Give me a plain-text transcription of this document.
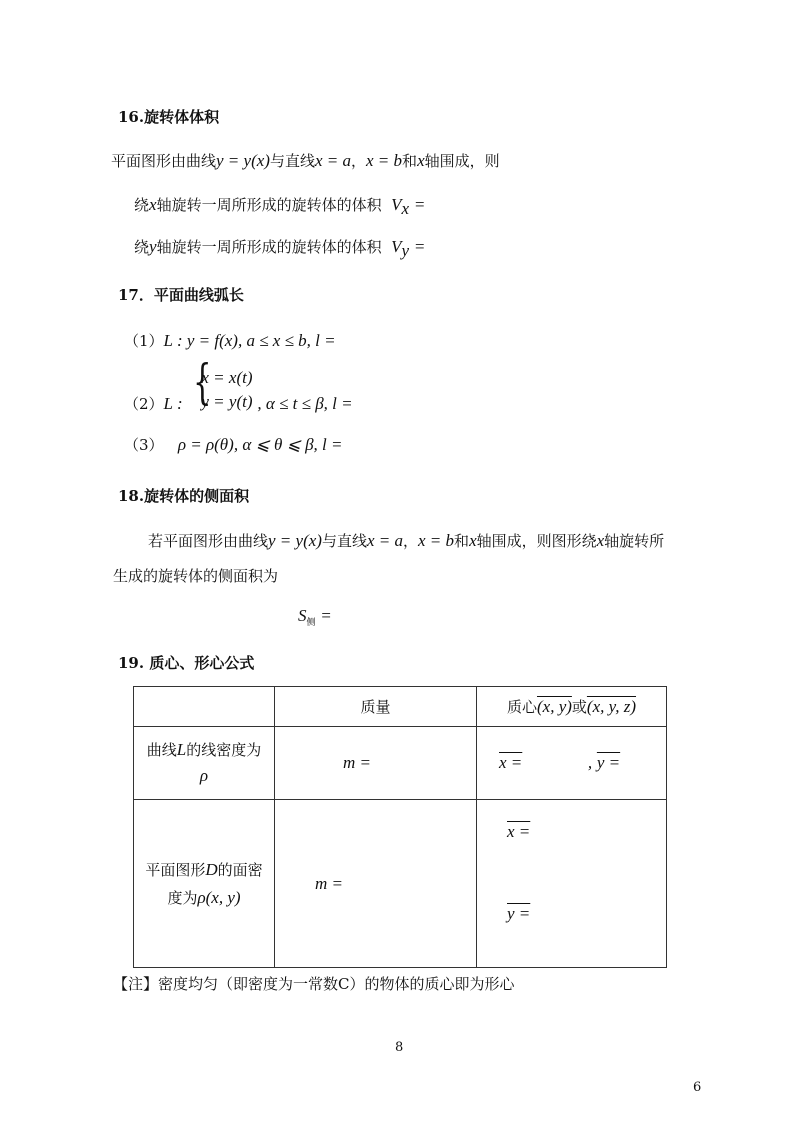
16.旋转体体积
平面图形由曲线y = y(x)与直线x = a，x = b和x轴围成，则
绕x轴旋转一周所形成的旋转体的体积 $V_x$ =
绕y轴旋转一周所形成的旋转体的体积 $V_y$ =
17．平面曲线弧长
（1）L : y = f(x), a ≤ x ≤ b, l =
（2）L : {
x = x(t)
y = y(t) , α ≤ t ≤ β, l =
（3） ρ = ρ(θ), α ⩽ θ ⩽ β, l =
18.旋转体的侧面积
若平面图形由曲线y = y(x)与直线x = a，x = b和x轴围成，则图形绕x轴旋转所
生成的旋转体的侧面积为
$S_侧$ =
19. 质心、形心公式
	质量	质心(x, y)或(x, y, z)
曲线L的线密度为
ρ	m =	x = , y =
平面图形D的面密
度为ρ(x, y)	m =	x =
y =
【注】密度均匀（即密度为一常数C）的物体的质心即为形心
8
6
